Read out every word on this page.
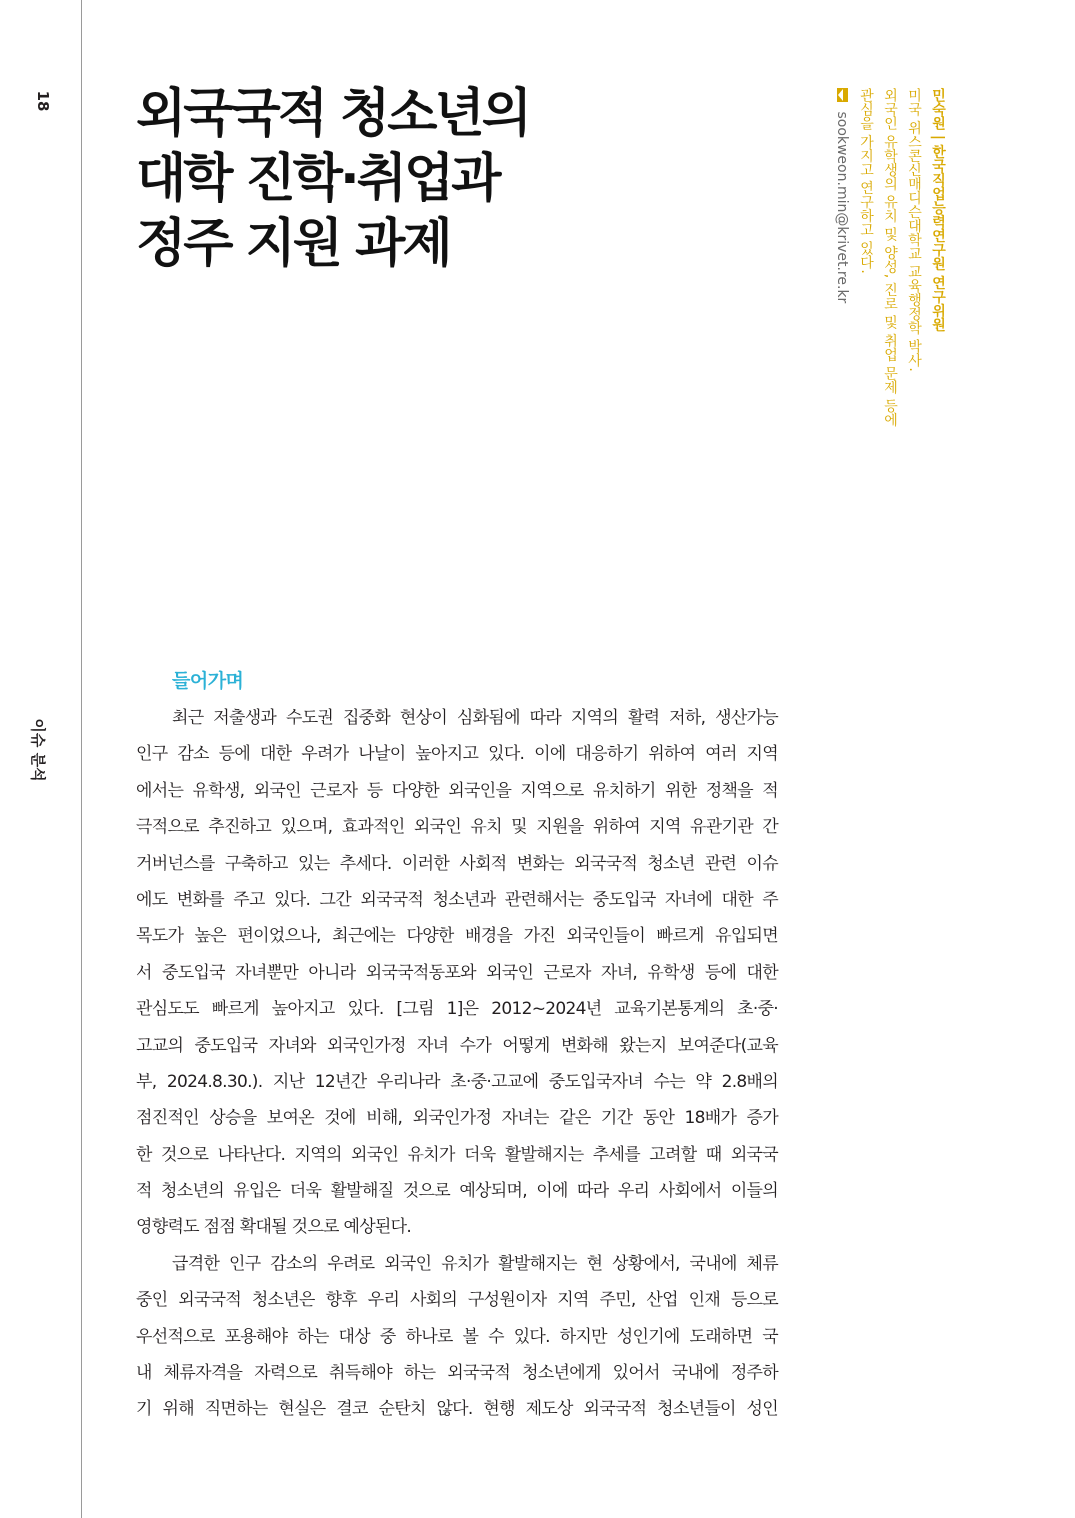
18
이슈 분석
외국국적 청소년의
대학 진학·취업과
정주 지원 과제	민숙원 | 한국직업능력연구원 연구위원
미국 위스콘신매디슨대학교 교육행정학 박사.
외국인 유학생의 유치 및 양성, 진로 및 취업 문제 등에
관심을 가지고 연구하고 있다.
sookweon.min@krivet.re.kr
들어가며
최근 저출생과 수도권 집중화 현상이 심화됨에 따라 지역의 활력 저하, 생산가능
인구 감소 등에 대한 우려가 나날이 높아지고 있다. 이에 대응하기 위하여 여러 지역
에서는 유학생, 외국인 근로자 등 다양한 외국인을 지역으로 유치하기 위한 정책을 적
극적으로 추진하고 있으며, 효과적인 외국인 유치 및 지원을 위하여 지역 유관기관 간
거버넌스를 구축하고 있는 추세다. 이러한 사회적 변화는 외국국적 청소년 관련 이슈
에도 변화를 주고 있다. 그간 외국국적 청소년과 관련해서는 중도입국 자녀에 대한 주
목도가 높은 편이었으나, 최근에는 다양한 배경을 가진 외국인들이 빠르게 유입되면
서 중도입국 자녀뿐만 아니라 외국국적동포와 외국인 근로자 자녀, 유학생 등에 대한
관심도도 빠르게 높아지고 있다. [그림 1]은 2012~2024년 교육기본통계의 초·중·
고교의 중도입국 자녀와 외국인가정 자녀 수가 어떻게 변화해 왔는지 보여준다(교육
부, 2024.8.30.). 지난 12년간 우리나라 초·중·고교에 중도입국자녀 수는 약 2.8배의
점진적인 상승을 보여온 것에 비해, 외국인가정 자녀는 같은 기간 동안 18배가 증가
한 것으로 나타난다. 지역의 외국인 유치가 더욱 활발해지는 추세를 고려할 때 외국국
적 청소년의 유입은 더욱 활발해질 것으로 예상되며, 이에 따라 우리 사회에서 이들의
영향력도 점점 확대될 것으로 예상된다.
급격한 인구 감소의 우려로 외국인 유치가 활발해지는 현 상황에서, 국내에 체류
중인 외국국적 청소년은 향후 우리 사회의 구성원이자 지역 주민, 산업 인재 등으로
우선적으로 포용해야 하는 대상 중 하나로 볼 수 있다. 하지만 성인기에 도래하면 국
내 체류자격을 자력으로 취득해야 하는 외국국적 청소년에게 있어서 국내에 정주하
기 위해 직면하는 현실은 결코 순탄치 않다. 현행 제도상 외국국적 청소년들이 성인
